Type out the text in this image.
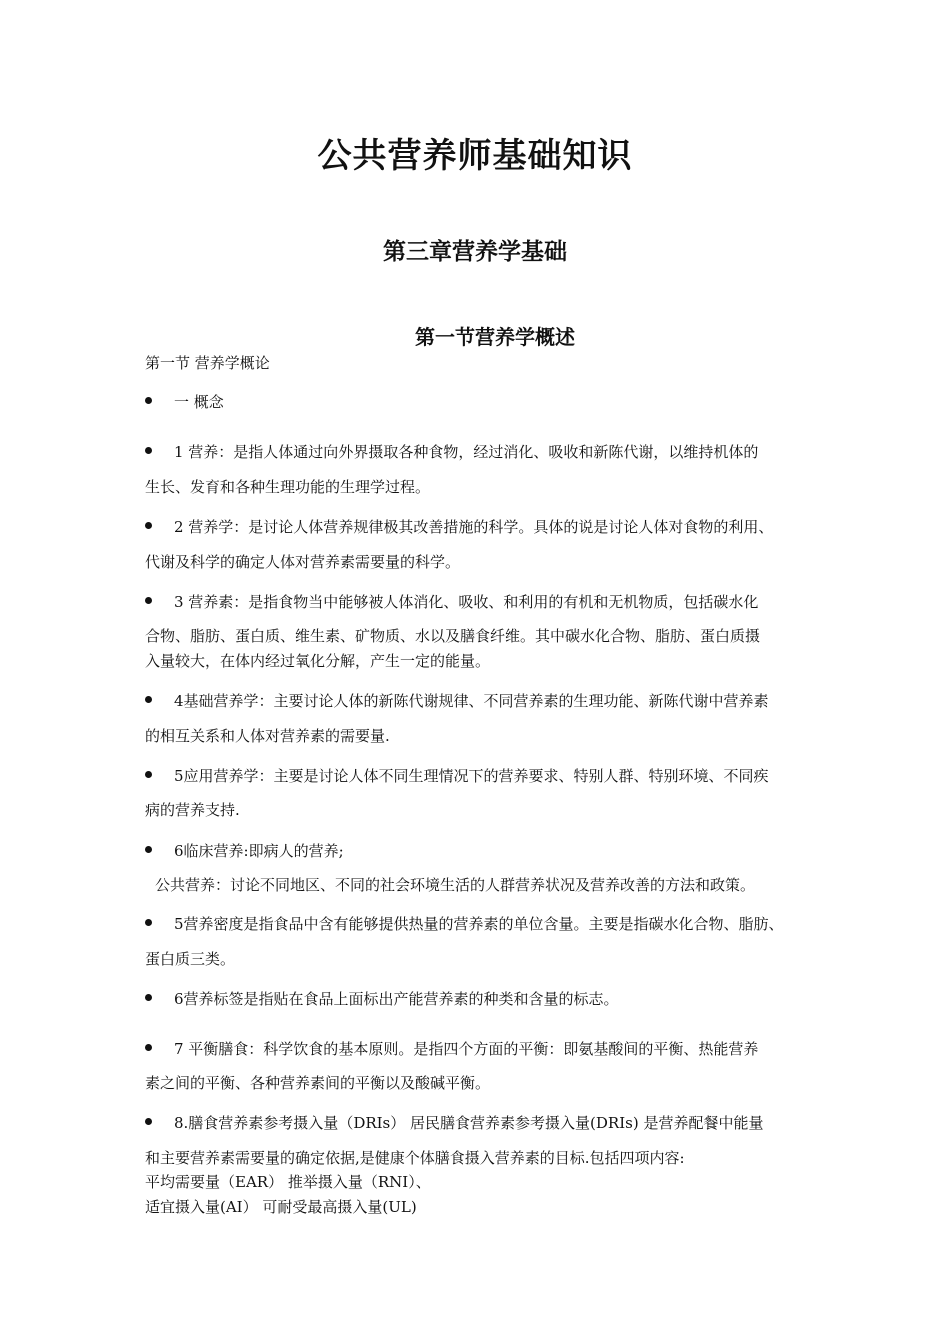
公共营养师基础知识
第三章营养学基础
第一节营养学概述

第一节 营养学概论

一 概念

1 营养：是指人体通过向外界摄取各种食物，经过消化、吸收和新陈代谢，以维持机体的

生长、发育和各种生理功能的生理学过程。

2 营养学：是讨论人体营养规律极其改善措施的科学。具体的说是讨论人体对食物的利用、

代谢及科学的确定人体对营养素需要量的科学。

3 营养素：是指食物当中能够被人体消化、吸收、和利用的有机和无机物质，包括碳水化

合物、脂肪、蛋白质、维生素、矿物质、水以及膳食纤维。其中碳水化合物、脂肪、蛋白质摄

入量较大，在体内经过氧化分解，产生一定的能量。

4基础营养学：主要讨论人体的新陈代谢规律、不同营养素的生理功能、新陈代谢中营养素

的相互关系和人体对营养素的需要量.

5应用营养学：主要是讨论人体不同生理情况下的营养要求、特别人群、特别环境、不同疾

病的营养支持.

6临床营养:即病人的营养;

公共营养：讨论不同地区、不同的社会环境生活的人群营养状况及营养改善的方法和政策。

5营养密度是指食品中含有能够提供热量的营养素的单位含量。主要是指碳水化合物、脂肪、

蛋白质三类。

6营养标签是指贴在食品上面标出产能营养素的种类和含量的标志。

7 平衡膳食：科学饮食的基本原则。是指四个方面的平衡：即氨基酸间的平衡、热能营养

素之间的平衡、各种营养素间的平衡以及酸碱平衡。

8.膳食营养素参考摄入量（DRIs） 居民膳食营养素参考摄入量(DRIs) 是营养配餐中能量

和主要营养素需要量的确定依据,是健康个体膳食摄入营养素的目标.包括四项内容:

平均需要量（EAR） 推举摄入量（RNI）、

适宜摄入量(AI） 可耐受最高摄入量(UL)
